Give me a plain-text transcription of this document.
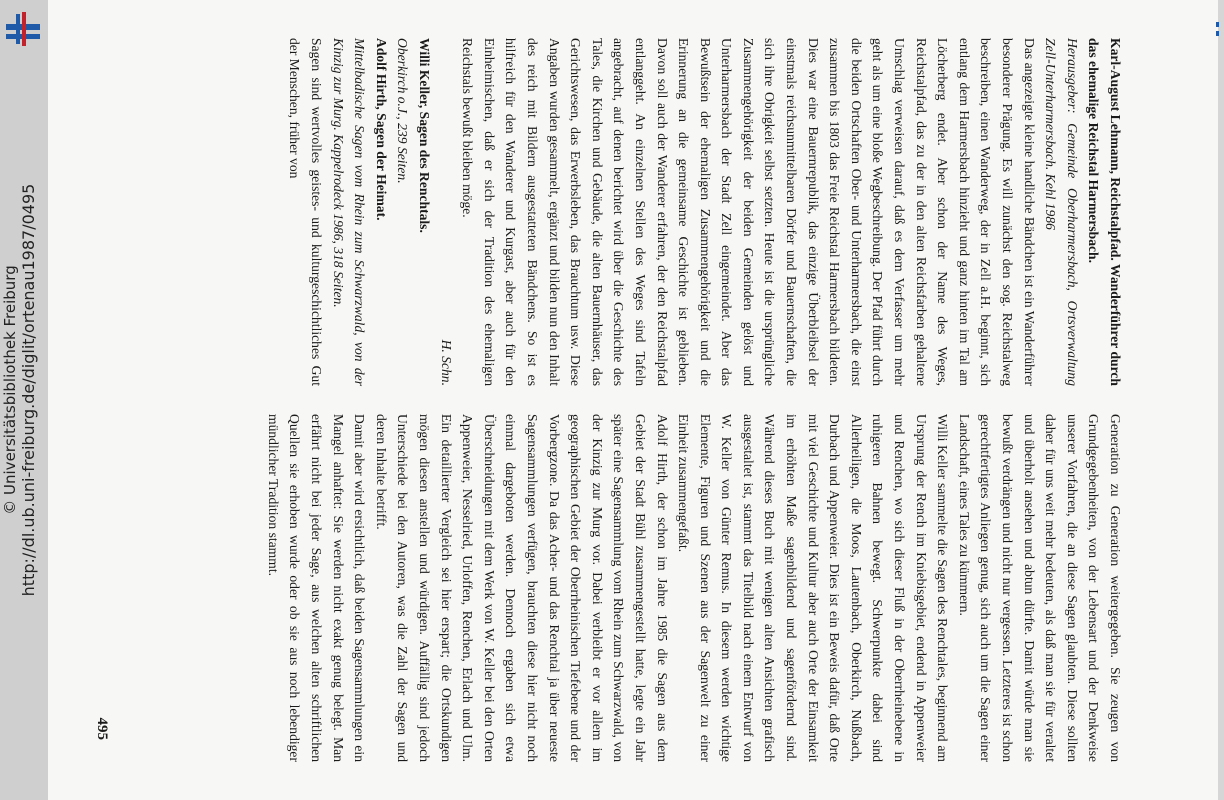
http://dl.ub.uni-freiburg.de/diglit/ortenau1987/0495
© Universitätsbibliothek Freiburg

Karl-August Lehmann, Reichstalpfad. Wanderführer durch das ehemalige Reichstal Harmersbach.

Herausgeber: Gemeinde Oberharmersbach, Ortsverwaltung Zell-Unterharmersbach. Kehl 1986

Das angezeigte kleine handliche Bändchen ist ein Wanderführer besonderer Prägung. Es will zunächst den sog. Reichstalweg beschreiben, einen Wanderweg, der in Zell a.H. beginnt, sich entlang dem Harmersbach hinzieht und ganz hinten im Tal am Löcherberg endet. Aber schon der Name des Weges, Reichstalpfad, das zu der in den alten Reichsfarben gehaltene Umschlag verweisen darauf, daß es dem Verfasser um mehr geht als um eine bloße Wegbeschreibung. Der Pfad führt durch die beiden Ortschaften Ober- und Unterharmersbach, die einst zusammen bis 1803 das Freie Reichstal Harmersbach bildeten. Dies war eine Bauernrepublik, das einzige Überbleibsel der einstmals reichsunmittelbaren Dörfer und Bauernschaften, die sich ihre Obrigkeit selbst setzten. Heute ist die ursprüngliche Zusammengehörigkeit der beiden Gemeinden gelöst und Unterharmersbach der Stadt Zell eingemeindet. Aber das Bewußtsein der ehemaligen Zusammengehörigkeit und die Erinnerung an die gemeinsame Geschichte ist geblieben. Davon soll auch der Wanderer erfahren, der den Reichstalpfad entlanggeht. An einzelnen Stellen des Weges sind Tafeln angebracht, auf denen berichtet wird über die Geschichte des Tales, die Kirchen und Gebäude, die alten Bauernhäuser, das Gerichtswesen, das Erwerbsleben, das Brauchtum usw. Diese Angaben wurden gesammelt, ergänzt und bilden nun den Inhalt des reich mit Bildern ausgestatteten Bändchens. So ist es hilfreich für den Wanderer und Kurgast, aber auch für den Einheimischen, daß er sich der Tradition des ehemaligen Reichstals bewußt bleiben möge.

H. Schn.

Willi Keller, Sagen des Renchtals.

Oberkirch o.J., 239 Seiten.

Adolf Hirth, Sagen der Heimat.

Mittelbadische Sagen vom Rhein zum Schwarzwald, von der Kinzig zur Murg. Kappelrodeck 1986, 318 Seiten.

Sagen sind wertvolles geistes- und kulturgeschichtliches Gut der Menschen, früher von

Generation zu Generation weitergegeben. Sie zeugen von Grundgegebenheiten, von der Lebensart und der Denkweise unserer Vorfahren, die an diese Sagen glaubten. Diese sollten daher für uns weit mehr bedeuten, als daß man sie für veraltet und überholt ansehen und abtun dürfte. Damit würde man sie bewußt verdrängen und nicht nur vergessen. Letzteres ist schon gerechtfertigtes Anliegen genug, sich auch um die Sagen einer Landschaft, eines Tales zu kümmern.

Willi Keller sammelte die Sagen des Renchtales, beginnend am Ursprung der Rench im Kniebisgebiet, endend in Appenweier und Renchen, wo sich dieser Fluß in der Oberrheinebene in ruhigeren Bahnen bewegt. Schwerpunkte dabei sind Allerheiligen, die Moos, Lautenbach, Oberkirch, Nußbach, Durbach und Appenweier. Dies ist ein Beweis dafür, daß Orte mit viel Geschichte und Kultur aber auch Orte der Einsamkeit im erhöhten Maße sagenbildend und sagenfördernd sind. Während dieses Buch mit wenigen alten Ansichten grafisch ausgestaltet ist, stammt das Titelbild nach einem Entwurf von W. Keller von Günter Remus. In diesem werden wichtige Elemente, Figuren und Szenen aus der Sagenwelt zu einer Einheit zusammengefaßt.

Adolf Hirth, der schon im Jahre 1985 die Sagen aus dem Gebiet der Stadt Bühl zusammengestellt hatte, legte ein Jahr später eine Sagensammlung vom Rhein zum Schwarzwald, von der Kinzig zur Murg vor. Dabei verbleibt er vor allem im geographischen Gebiet der Oberrheinischen Tiefebene und der Vorbergzone. Da das Acher- und das Renchtal ja über neueste Sagensammlungen verfügen, brauchten diese hier nicht noch einmal dargeboten werden. Dennoch ergaben sich etwa Überschneidungen mit dem Werk von W. Keller bei den Orten Appenweier, Nesselried, Urloffen, Renchen, Erlach und Ulm. Ein detaillierter Vergleich sei hier erspart; die Ortskundigen mögen diesen anstellen und würdigen. Auffällig sind jedoch Unterschiede bei den Autoren, was die Zahl der Sagen und deren Inhalte betrifft.

Damit aber wird ersichtlich, daß beiden Sagensammlungen ein Mangel anhaftet: Sie werden nicht exakt genug belegt. Man erfährt nicht bei jeder Sage, aus welchen alten schriftlichen Quellen sie erhoben wurde oder ob sie aus noch lebendiger mündlicher Tradition stammt.

495
